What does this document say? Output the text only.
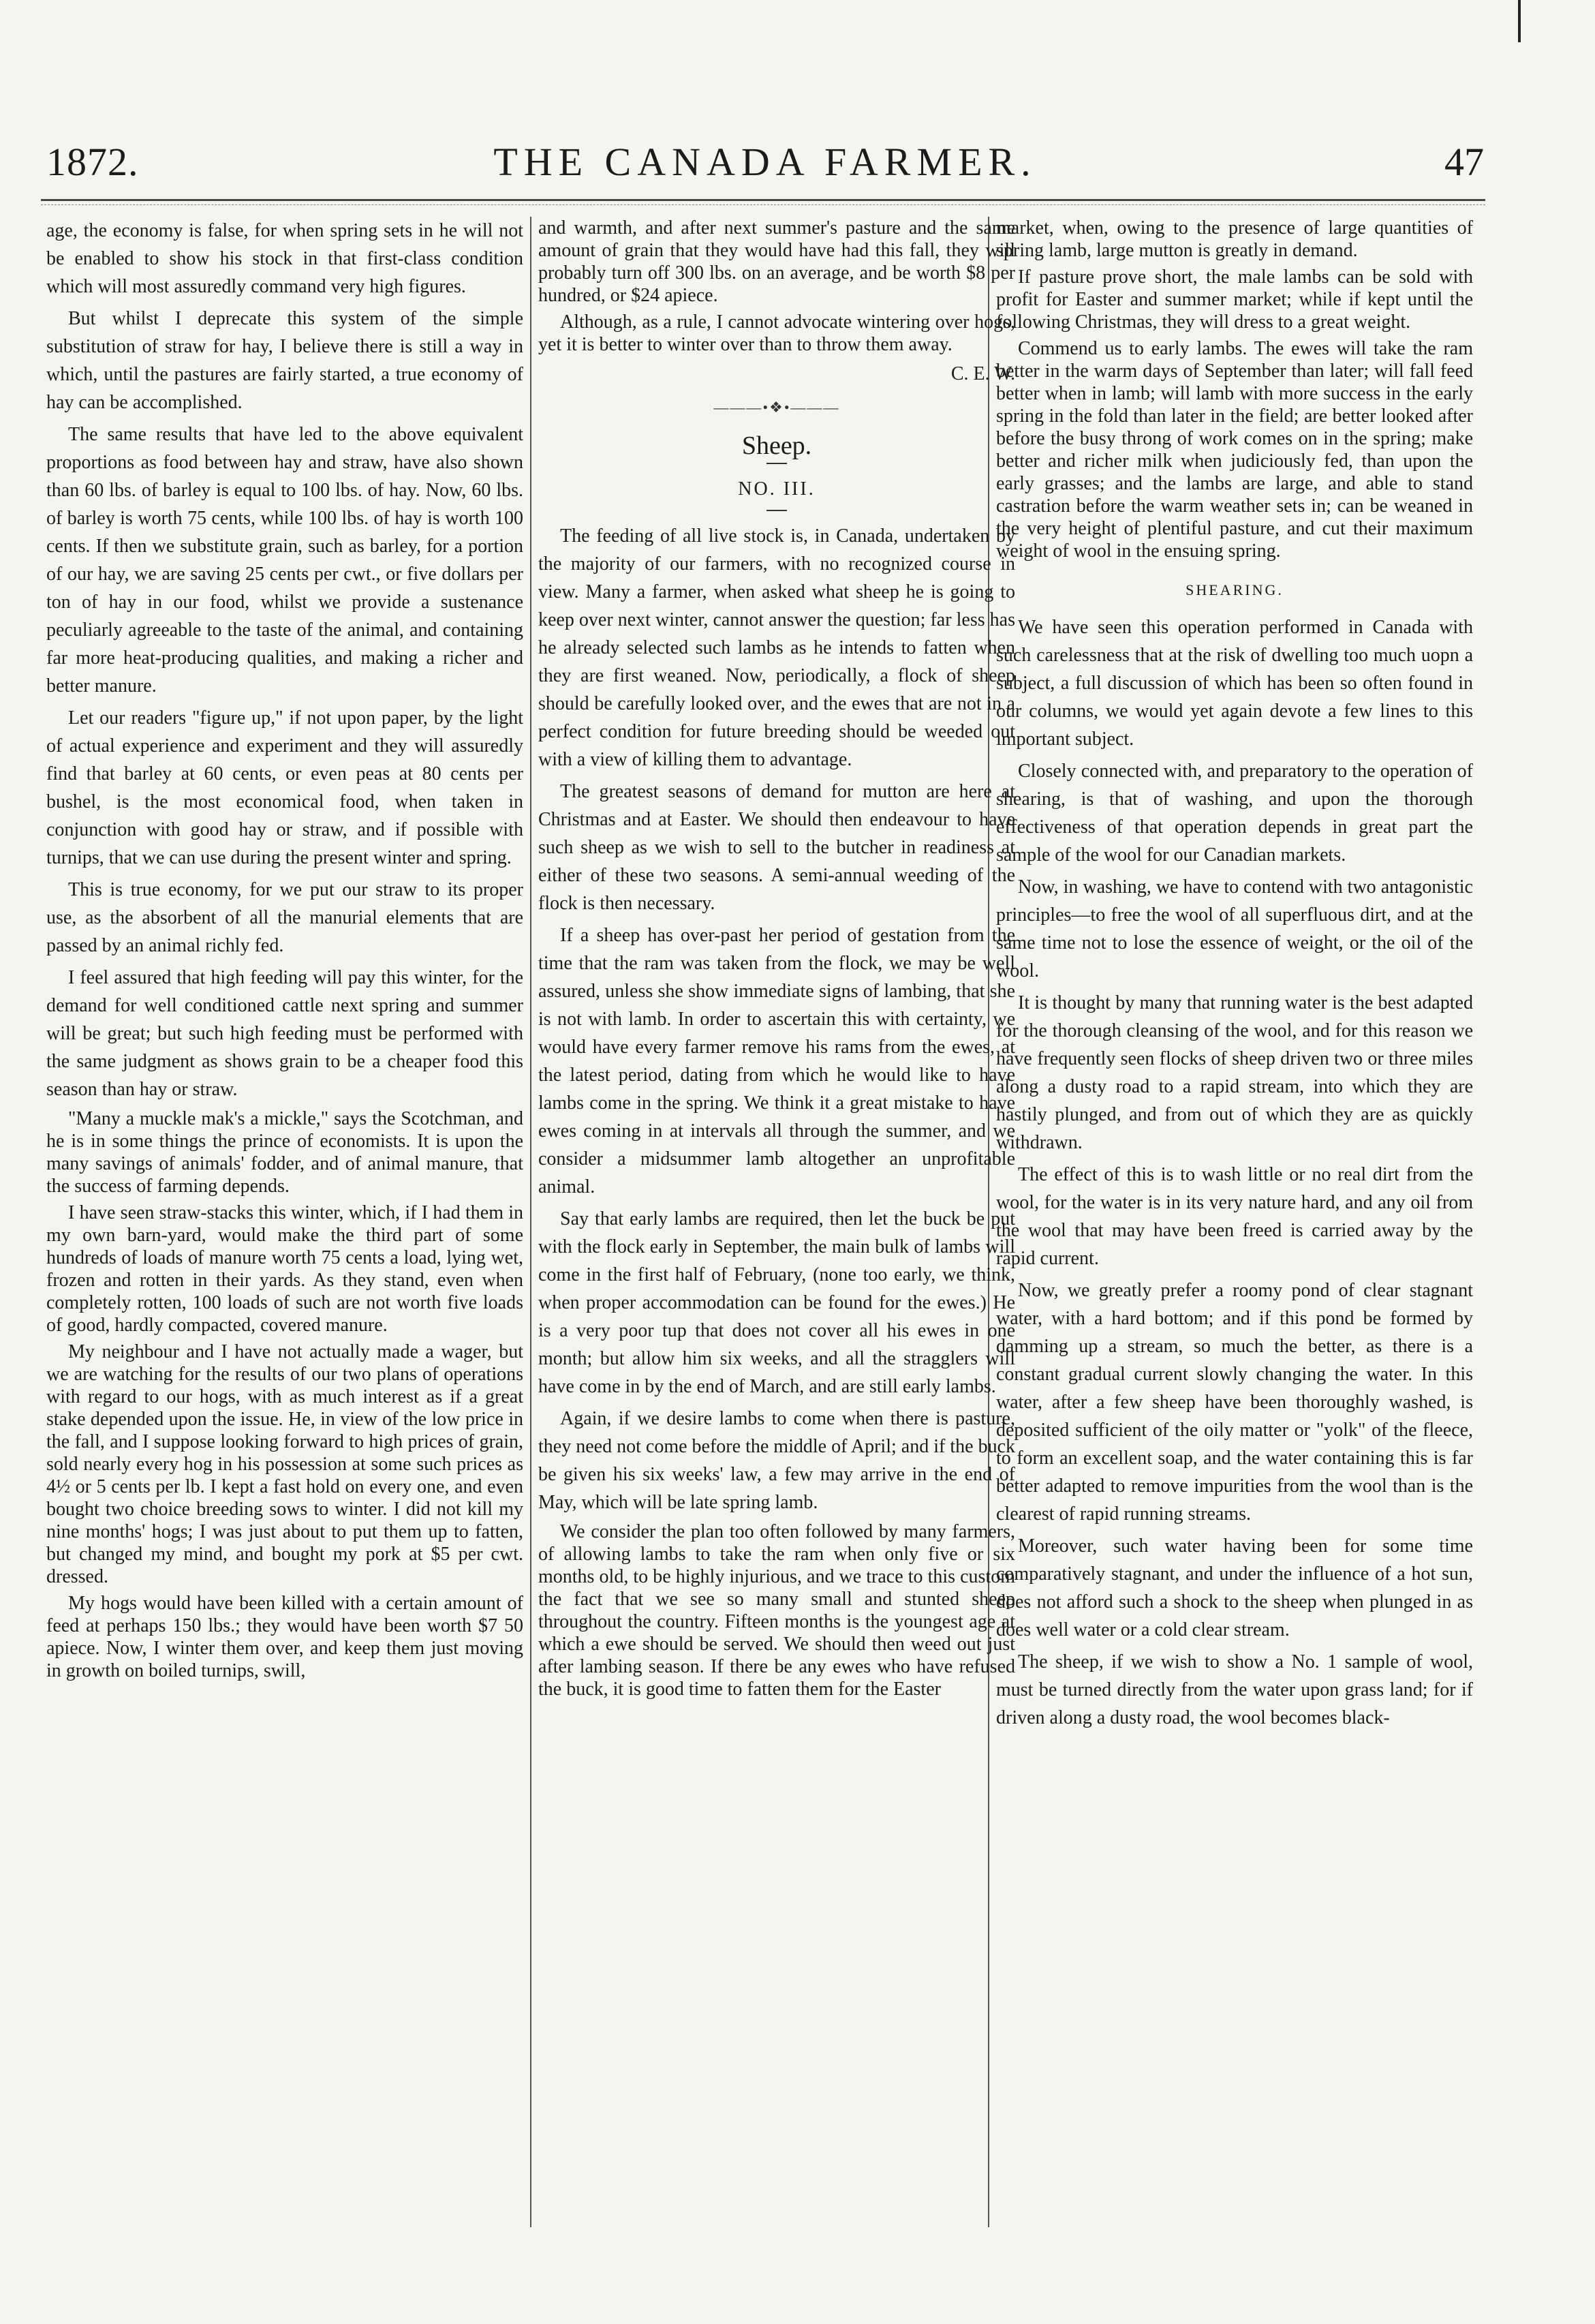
1872.	THE CANADA FARMER.	47

age, the economy is false, for when spring sets in he will not be enabled to show his stock in that first-class condition which will most assuredly command very high figures.

But whilst I deprecate this system of the simple substitution of straw for hay, I believe there is still a way in which, until the pastures are fairly started, a true economy of hay can be accomplished.

The same results that have led to the above equivalent proportions as food between hay and straw, have also shown than 60 lbs. of barley is equal to 100 lbs. of hay. Now, 60 lbs. of barley is worth 75 cents, while 100 lbs. of hay is worth 100 cents. If then we substitute grain, such as barley, for a portion of our hay, we are saving 25 cents per cwt., or five dollars per ton of hay in our food, whilst we provide a sustenance peculiarly agreeable to the taste of the animal, and containing far more heat-producing qualities, and making a richer and better manure.

Let our readers "figure up," if not upon paper, by the light of actual experience and experiment and they will assuredly find that barley at 60 cents, or even peas at 80 cents per bushel, is the most economical food, when taken in conjunction with good hay or straw, and if possible with turnips, that we can use during the present winter and spring.

This is true economy, for we put our straw to its proper use, as the absorbent of all the manurial elements that are passed by an animal richly fed.

I feel assured that high feeding will pay this winter, for the demand for well conditioned cattle next spring and summer will be great; but such high feeding must be performed with the same judgment as shows grain to be a cheaper food this season than hay or straw.

"Many a muckle mak's a mickle," says the Scotchman, and he is in some things the prince of economists. It is upon the many savings of animals' fodder, and of animal manure, that the success of farming depends.

I have seen straw-stacks this winter, which, if I had them in my own barn-yard, would make the third part of some hundreds of loads of manure worth 75 cents a load, lying wet, frozen and rotten in their yards. As they stand, even when completely rotten, 100 loads of such are not worth five loads of good, hardly compacted, covered manure.

My neighbour and I have not actually made a wager, but we are watching for the results of our two plans of operations with regard to our hogs, with as much interest as if a great stake depended upon the issue. He, in view of the low price in the fall, and I suppose looking forward to high prices of grain, sold nearly every hog in his possession at some such prices as 4½ or 5 cents per lb. I kept a fast hold on every one, and even bought two choice breeding sows to winter. I did not kill my nine months' hogs; I was just about to put them up to fatten, but changed my mind, and bought my pork at $5 per cwt. dressed.

My hogs would have been killed with a certain amount of feed at perhaps 150 lbs.; they would have been worth $7 50 apiece. Now, I winter them over, and keep them just moving in growth on boiled turnips, swill,

and warmth, and after next summer's pasture and the same amount of grain that they would have had this fall, they will probably turn off 300 lbs. on an average, and be worth $8 per hundred, or $24 apiece.

Although, as a rule, I cannot advocate wintering over hogs, yet it is better to winter over than to throw them away.

C. E. W.

———•❖•———
Sheep.
NO. III.

The feeding of all live stock is, in Canada, undertaken by the majority of our farmers, with no recognized course in view. Many a farmer, when asked what sheep he is going to keep over next winter, cannot answer the question; far less has he already selected such lambs as he intends to fatten when they are first weaned. Now, periodically, a flock of sheep should be carefully looked over, and the ewes that are not in a perfect condition for future breeding should be weeded out with a view of killing them to advantage.

The greatest seasons of demand for mutton are here at Christmas and at Easter. We should then endeavour to have such sheep as we wish to sell to the butcher in readiness at either of these two seasons. A semi-annual weeding of the flock is then necessary.

If a sheep has over-past her period of gestation from the time that the ram was taken from the flock, we may be well assured, unless she show immediate signs of lambing, that she is not with lamb. In order to ascertain this with certainty, we would have every farmer remove his rams from the ewes, at the latest period, dating from which he would like to have lambs come in the spring. We think it a great mistake to have ewes coming in at intervals all through the summer, and we consider a midsummer lamb altogether an unprofitable animal.

Say that early lambs are required, then let the buck be put with the flock early in September, the main bulk of lambs will come in the first half of February, (none too early, we think, when proper accommodation can be found for the ewes.) He is a very poor tup that does not cover all his ewes in one month; but allow him six weeks, and all the stragglers will have come in by the end of March, and are still early lambs.

Again, if we desire lambs to come when there is pasture, they need not come before the middle of April; and if the buck be given his six weeks' law, a few may arrive in the end of May, which will be late spring lamb.

We consider the plan too often followed by many farmers, of allowing lambs to take the ram when only five or six months old, to be highly injurious, and we trace to this custom the fact that we see so many small and stunted sheep throughout the country. Fifteen months is the youngest age at which a ewe should be served. We should then weed out just after lambing season. If there be any ewes who have refused the buck, it is good time to fatten them for the Easter

market, when, owing to the presence of large quantities of spring lamb, large mutton is greatly in demand.

If pasture prove short, the male lambs can be sold with profit for Easter and summer market; while if kept until the following Christmas, they will dress to a great weight.

Commend us to early lambs. The ewes will take the ram better in the warm days of September than later; will fall feed better when in lamb; will lamb with more success in the early spring in the fold than later in the field; are better looked after before the busy throng of work comes on in the spring; make better and richer milk when judiciously fed, than upon the early grasses; and the lambs are large, and able to stand castration before the warm weather sets in; can be weaned in the very height of plentiful pasture, and cut their maximum weight of wool in the ensuing spring.

SHEARING.

We have seen this operation performed in Canada with such carelessness that at the risk of dwelling too much uopn a subject, a full discussion of which has been so often found in our columns, we would yet again devote a few lines to this important subject.

Closely connected with, and preparatory to the operation of shearing, is that of washing, and upon the thorough effectiveness of that operation depends in great part the sample of the wool for our Canadian markets.

Now, in washing, we have to contend with two antagonistic principles—to free the wool of all superfluous dirt, and at the same time not to lose the essence of weight, or the oil of the wool.

It is thought by many that running water is the best adapted for the thorough cleansing of the wool, and for this reason we have frequently seen flocks of sheep driven two or three miles along a dusty road to a rapid stream, into which they are hastily plunged, and from out of which they are as quickly withdrawn.

The effect of this is to wash little or no real dirt from the wool, for the water is in its very nature hard, and any oil from the wool that may have been freed is carried away by the rapid current.

Now, we greatly prefer a roomy pond of clear stagnant water, with a hard bottom; and if this pond be formed by damming up a stream, so much the better, as there is a constant gradual current slowly changing the water. In this water, after a few sheep have been thoroughly washed, is deposited sufficient of the oily matter or "yolk" of the fleece, to form an excellent soap, and the water containing this is far better adapted to remove impurities from the wool than is the clearest of rapid running streams.

Moreover, such water having been for some time comparatively stagnant, and under the influence of a hot sun, does not afford such a shock to the sheep when plunged in as does well water or a cold clear stream.

The sheep, if we wish to show a No. 1 sample of wool, must be turned directly from the water upon grass land; for if driven along a dusty road, the wool becomes black-
